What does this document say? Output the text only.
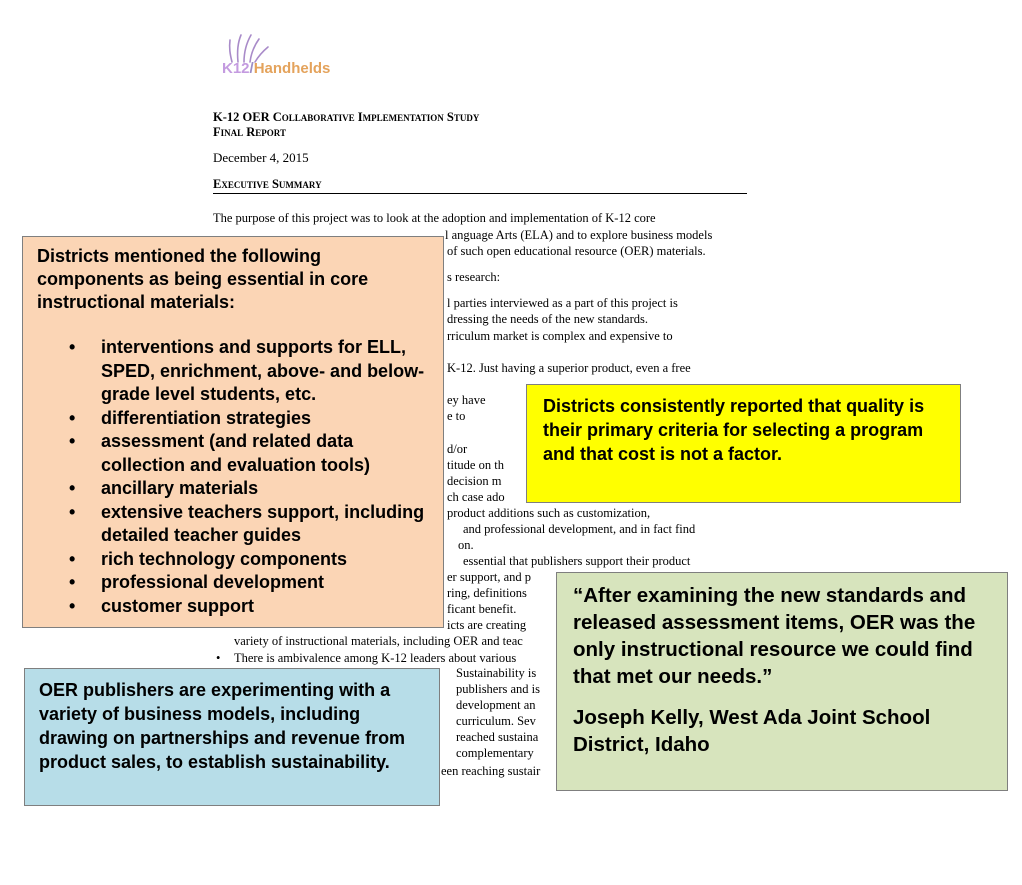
K12/Handhelds
K-12 OER Collaborative Implementation Study
Final Report
December 4, 2015
Executive Summary
The purpose of this project was to look at the adoption and implementation of K-12 core
l anguage Arts (ELA) and to explore business models
of such open educational resource (OER) materials.
s research:
l parties interviewed as a part of this project is
dressing the needs of the new standards.
rriculum market is complex and expensive to
K-12. Just having a superior product, even a free
ey have
e to
d/or
titude on th
decision m
ch case ado
product additions such as customization,
and professional development, and in fact find
on.
essential that publishers support their product
er support, and p
ring, definitions
ficant benefit.
icts are creating
variety of instructional materials, including OER and teac
• There is ambivalence among K-12 leaders about various
Sustainability is
publishers and is
development an
curriculum. Sev
reached sustaina
complementary
een reaching sustair
Districts mentioned the following components as being essential in core instructional materials:
• interventions and supports for ELL, SPED, enrichment, above- and below-grade level students, etc.
• differentiation strategies
• assessment (and related data collection and evaluation tools)
• ancillary materials
• extensive teachers support, including detailed teacher guides
• rich technology components
• professional development
• customer support
Districts consistently reported that quality is their primary criteria for selecting a program and that cost is not a factor.
“After examining the new standards and released assessment items, OER was the only instructional resource we could find that met our needs.”
Joseph Kelly, West Ada Joint School District, Idaho
OER publishers are experimenting with a variety of business models, including drawing on partnerships and revenue from product sales, to establish sustainability.
